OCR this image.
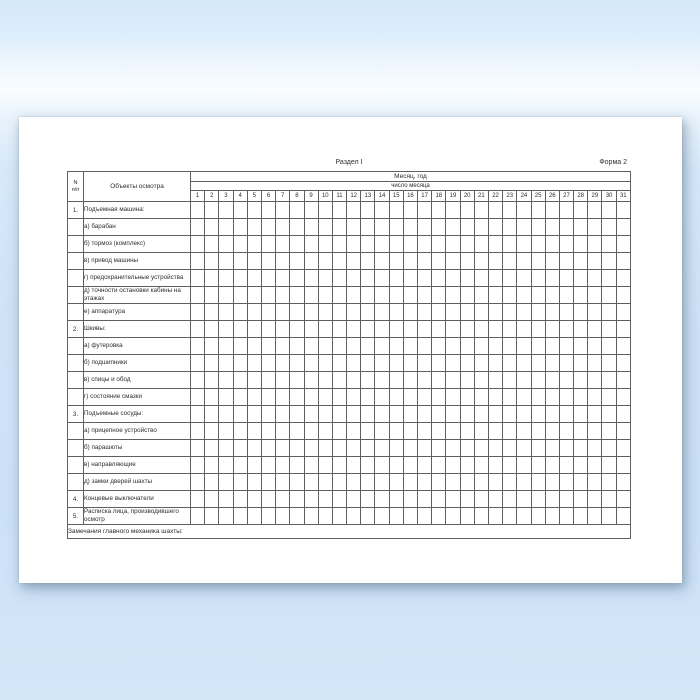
Раздел I	Форма 2
N
п/п	Объекты осмотра	Месяц, год																														
		число месяца																														
		1	2	3	4	5	6	7	8	9	10	11	12	13	14	15	16	17	18	19	20	21	22	23	24	25	26	27	28	29	30	31
1.	Подъемная машина:																															
	а) барабан																															
	б) тормоз (комплекс)																															
	в) привод машины																															
	г) предохранительные устройства																															
	д) точности остановки кабины на этажах																															
	е) аппаратура																															
2.	Шкивы:																															
	а) футеровка																															
	б) подшипники																															
	в) спицы и обод																															
	г) состояние смазки																															
3.	Подъемные сосуды:																															
	а) прицепное устройство																															
	б) парашюты																															
	в) направляющие																															
	д) замки дверей шахты																															
4.	Концевые выключатели																															
5.	Расписка лица, производившего осмотр																															
Замечания главного механика шахты:																																
